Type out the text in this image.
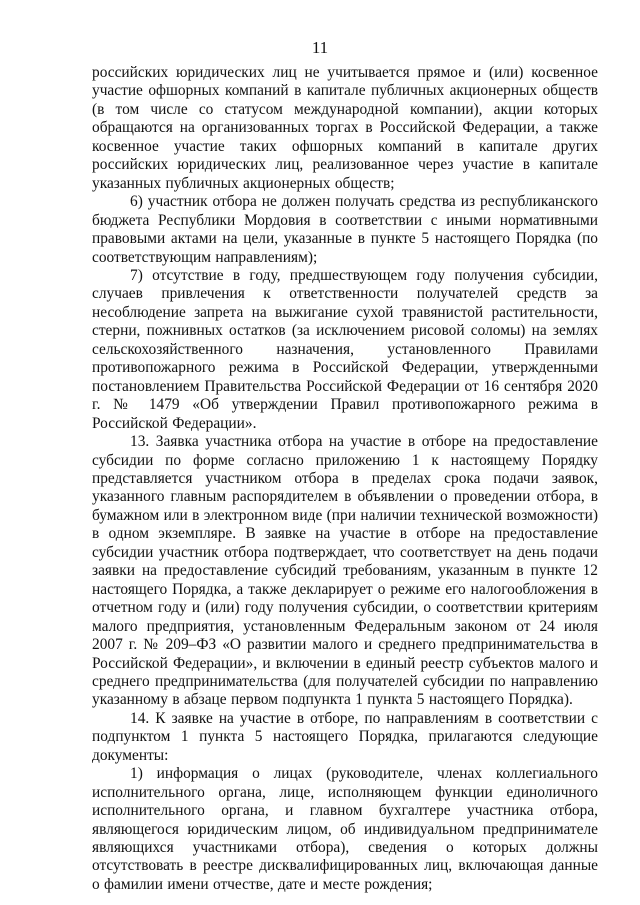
11

российских юридических лиц не учитывается прямое и (или) косвенное участие офшорных компаний в капитале публичных акционерных обществ (в том числе со статусом международной компании), акции которых обращаются на организованных торгах в Российской Федерации, а также косвенное участие таких офшорных компаний в капитале других российских юридических лиц, реализованное через участие в капитале указанных публичных акционерных обществ;

6) участник отбора не должен получать средства из республиканского бюджета Республики Мордовия в соответствии с иными нормативными правовыми актами на цели, указанные в пункте 5 настоящего Порядка (по соответствующим направлениям);

7) отсутствие в году, предшествующем году получения субсидии, случаев привлечения к ответственности получателей средств за несоблюдение запрета на выжигание сухой травянистой растительности, стерни, пожнивных остатков (за исключением рисовой соломы) на землях сельскохозяйственного назначения, установленного Правилами противопожарного режима в Российской Федерации, утвержденными постановлением Правительства Российской Федерации от 16 сентября 2020 г. № 1479 «Об утверждении Правил противопожарного режима в Российской Федерации».

13. Заявка участника отбора на участие в отборе на предоставление субсидии по форме согласно приложению 1 к настоящему Порядку представляется участником отбора в пределах срока подачи заявок, указанного главным распорядителем в объявлении о проведении отбора, в бумажном или в электронном виде (при наличии технической возможности) в одном экземпляре. В заявке на участие в отборе на предоставление субсидии участник отбора подтверждает, что соответствует на день подачи заявки на предоставление субсидий требованиям, указанным в пункте 12 настоящего Порядка, а также декларирует о режиме его налогообложения в отчетном году и (или) году получения субсидии, о соответствии критериям малого предприятия, установленным Федеральным законом от 24 июля 2007 г. № 209–ФЗ «О развитии малого и среднего предпринимательства в Российской Федерации», и включении в единый реестр субъектов малого и среднего предпринимательства (для получателей субсидии по направлению указанному в абзаце первом подпункта 1 пункта 5 настоящего Порядка).

14. К заявке на участие в отборе, по направлениям в соответствии с подпунктом 1 пункта 5 настоящего Порядка, прилагаются следующие документы:

1) информация о лицах (руководителе, членах коллегиального исполнительного органа, лице, исполняющем функции единоличного исполнительного органа, и главном бухгалтере участника отбора, являющегося юридическим лицом, об индивидуальном предпринимателе являющихся участниками отбора), сведения о которых должны отсутствовать в реестре дисквалифицированных лиц, включающая данные о фамилии имени отчестве, дате и месте рождения;
